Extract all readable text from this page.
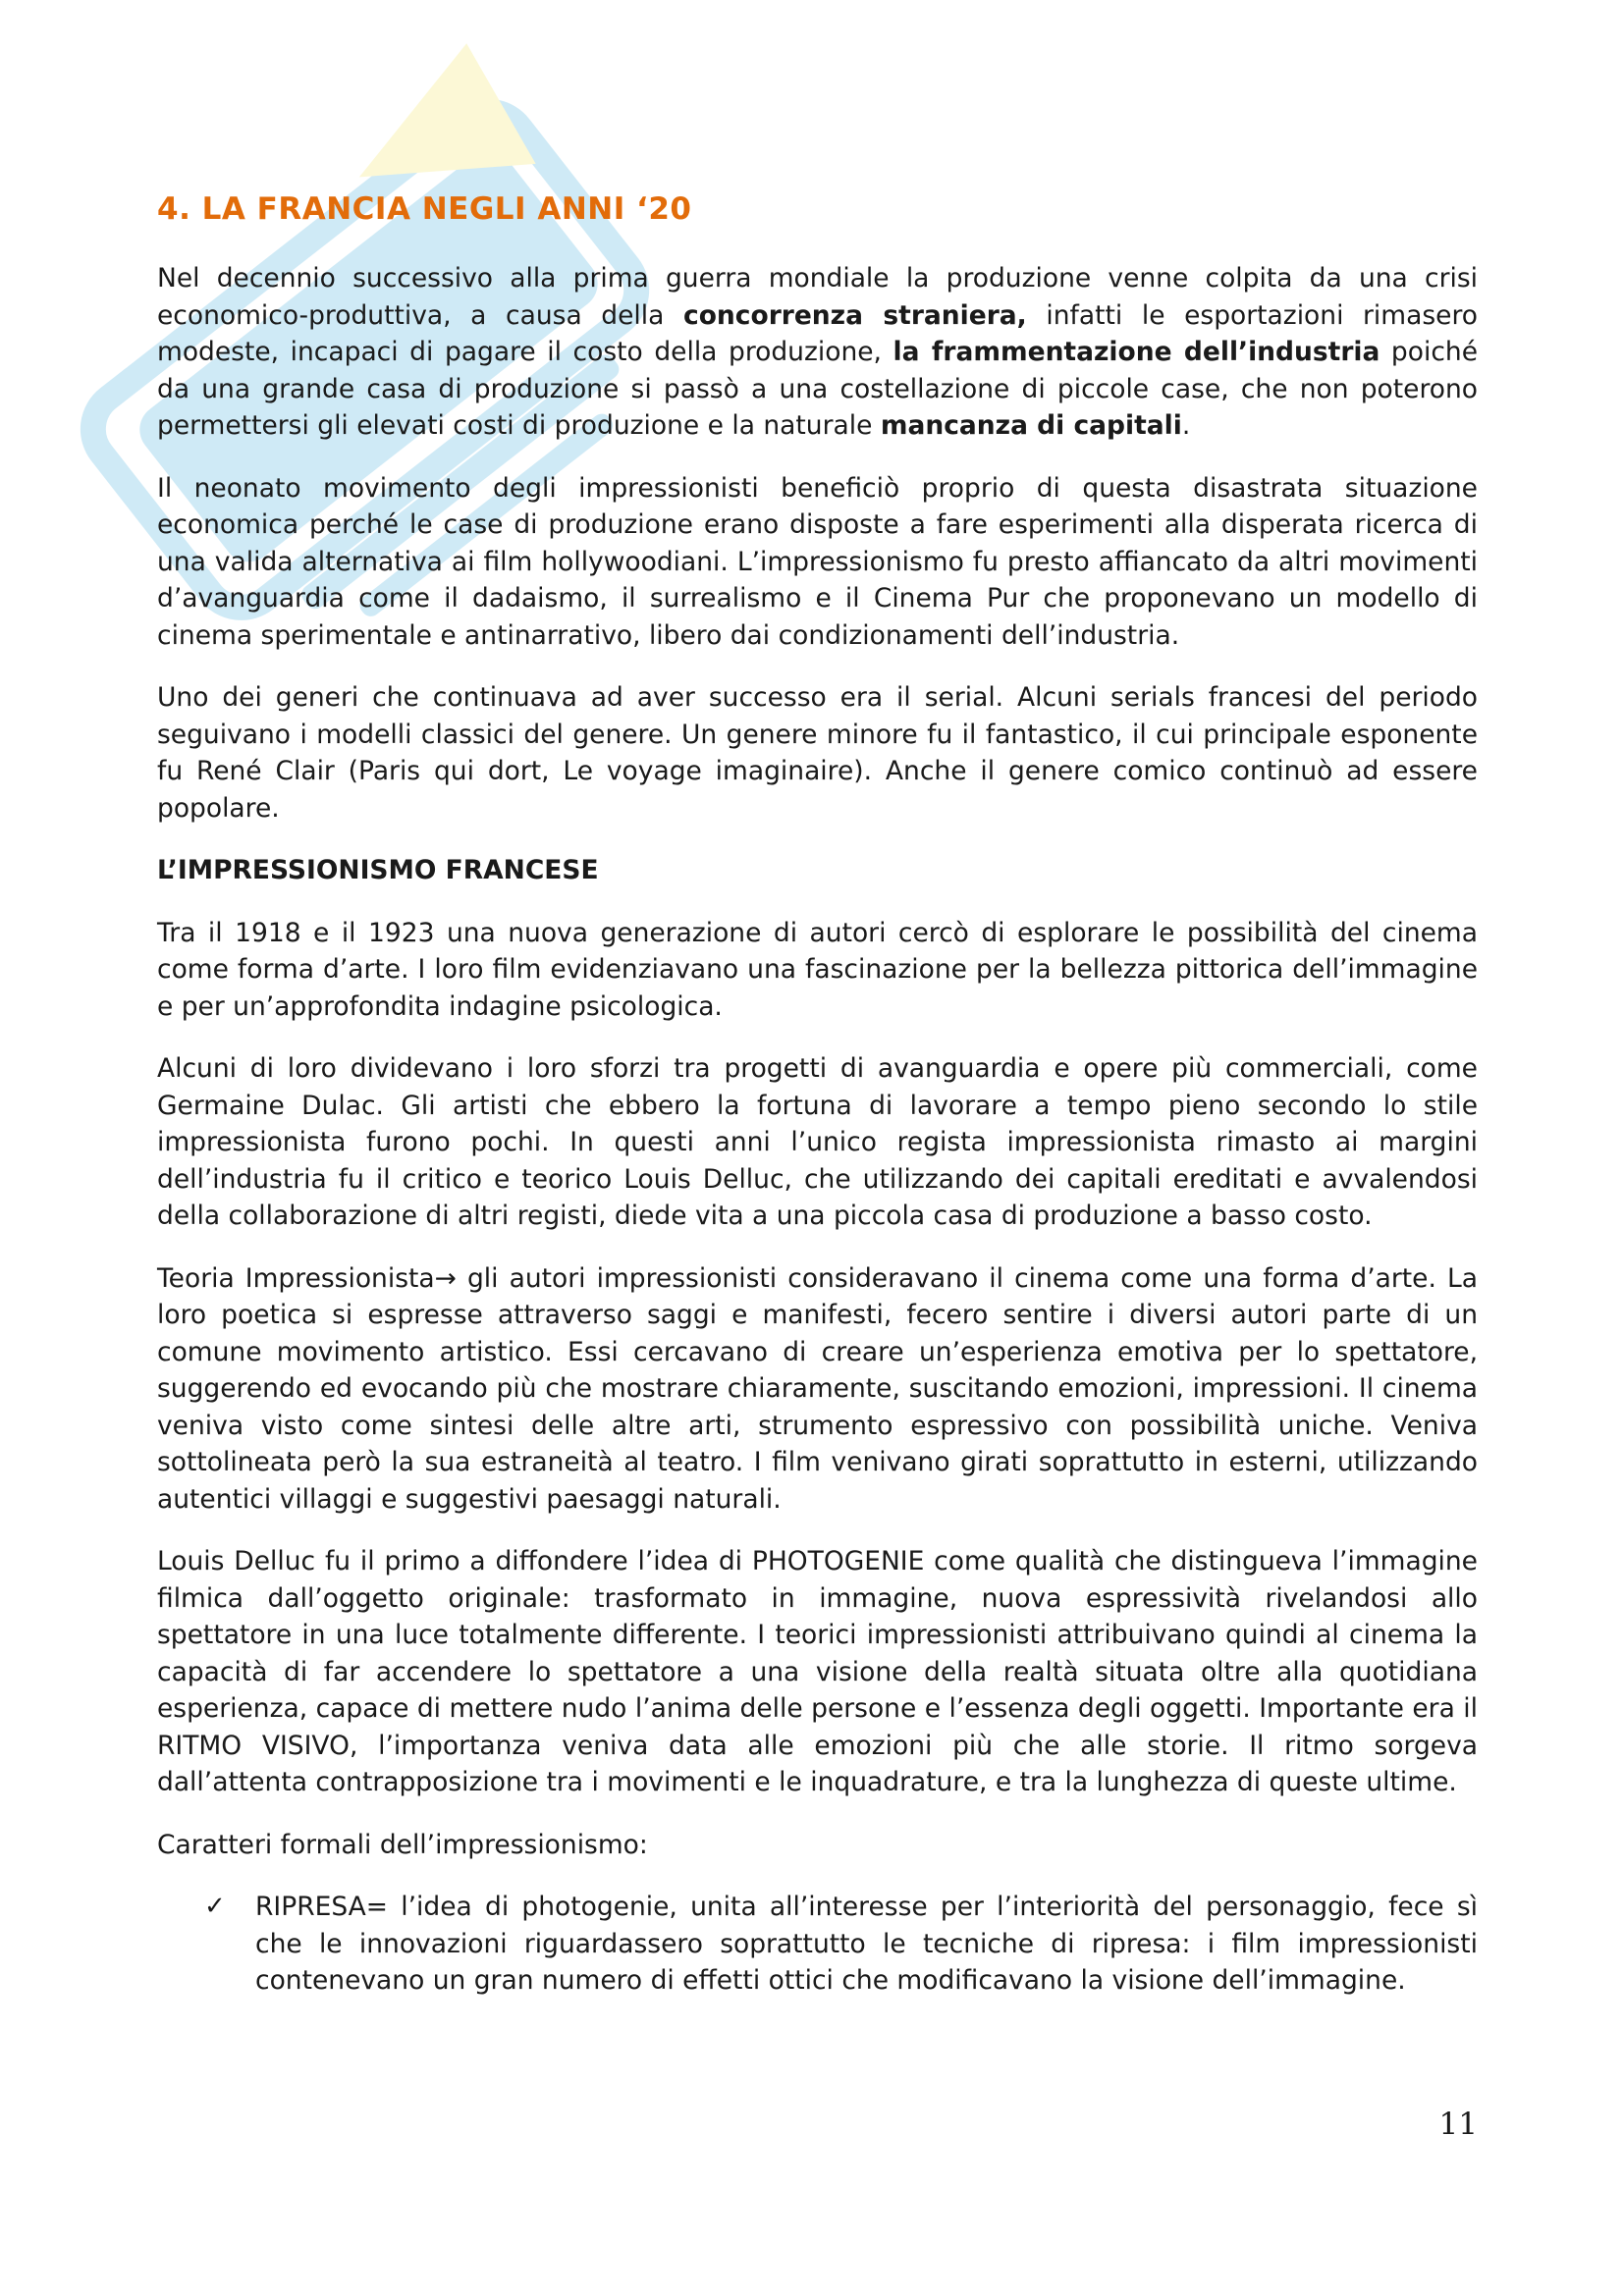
4. LA FRANCIA NEGLI ANNI ‘20

Nel decennio successivo alla prima guerra mondiale la produzione venne colpita da una crisi economico-produttiva, a causa della concorrenza straniera, infatti le esportazioni rimasero modeste, incapaci di pagare il costo della produzione, la frammentazione dell’industria poiché da una grande casa di produzione si passò a una costellazione di piccole case, che non poterono permettersi gli elevati costi di produzione e la naturale mancanza di capitali.

Il neonato movimento degli impressionisti beneficiò proprio di questa disastrata situazione economica perché le case di produzione erano disposte a fare esperimenti alla disperata ricerca di una valida alternativa ai film hollywoodiani. L’impressionismo fu presto affiancato da altri movimenti d’avanguardia come il dadaismo, il surrealismo e il Cinema Pur che proponevano un modello di cinema sperimentale e antinarrativo, libero dai condizionamenti dell’industria.

Uno dei generi che continuava ad aver successo era il serial. Alcuni serials francesi del periodo seguivano i modelli classici del genere. Un genere minore fu il fantastico, il cui principale esponente fu René Clair (Paris qui dort, Le voyage imaginaire). Anche il genere comico continuò ad essere popolare.

L’IMPRESSIONISMO FRANCESE

Tra il 1918 e il 1923 una nuova generazione di autori cercò di esplorare le possibilità del cinema come forma d’arte. I loro film evidenziavano una fascinazione per la bellezza pittorica dell’immagine e per un’approfondita indagine psicologica.

Alcuni di loro dividevano i loro sforzi tra progetti di avanguardia e opere più commerciali, come Germaine Dulac. Gli artisti che ebbero la fortuna di lavorare a tempo pieno secondo lo stile impressionista furono pochi. In questi anni l’unico regista impressionista rimasto ai margini dell’industria fu il critico e teorico Louis Delluc, che utilizzando dei capitali ereditati e avvalendosi della collaborazione di altri registi, diede vita a una piccola casa di produzione a basso costo.

Teoria Impressionista→ gli autori impressionisti consideravano il cinema come una forma d’arte. La loro poetica si espresse attraverso saggi e manifesti, fecero sentire i diversi autori parte di un comune movimento artistico. Essi cercavano di creare un’esperienza emotiva per lo spettatore, suggerendo ed evocando più che mostrare chiaramente, suscitando emozioni, impressioni. Il cinema veniva visto come sintesi delle altre arti, strumento espressivo con possibilità uniche. Veniva sottolineata però la sua estraneità al teatro. I film venivano girati soprattutto in esterni, utilizzando autentici villaggi e suggestivi paesaggi naturali.

Louis Delluc fu il primo a diffondere l’idea di PHOTOGENIE come qualità che distingueva l’immagine filmica dall’oggetto originale: trasformato in immagine, nuova espressività rivelandosi allo spettatore in una luce totalmente differente. I teorici impressionisti attribuivano quindi al cinema la capacità di far accendere lo spettatore a una visione della realtà situata oltre alla quotidiana esperienza, capace di mettere nudo l’anima delle persone e l’essenza degli oggetti. Importante era il RITMO VISIVO, l’importanza veniva data alle emozioni più che alle storie. Il ritmo sorgeva dall’attenta contrapposizione tra i movimenti e le inquadrature, e tra la lunghezza di queste ultime.

Caratteri formali dell’impressionismo:

✓ RIPRESA= l’idea di photogenie, unita all’interesse per l’interiorità del personaggio, fece sì che le innovazioni riguardassero soprattutto le tecniche di ripresa: i film impressionisti contenevano un gran numero di effetti ottici che modificavano la visione dell’immagine.
11
